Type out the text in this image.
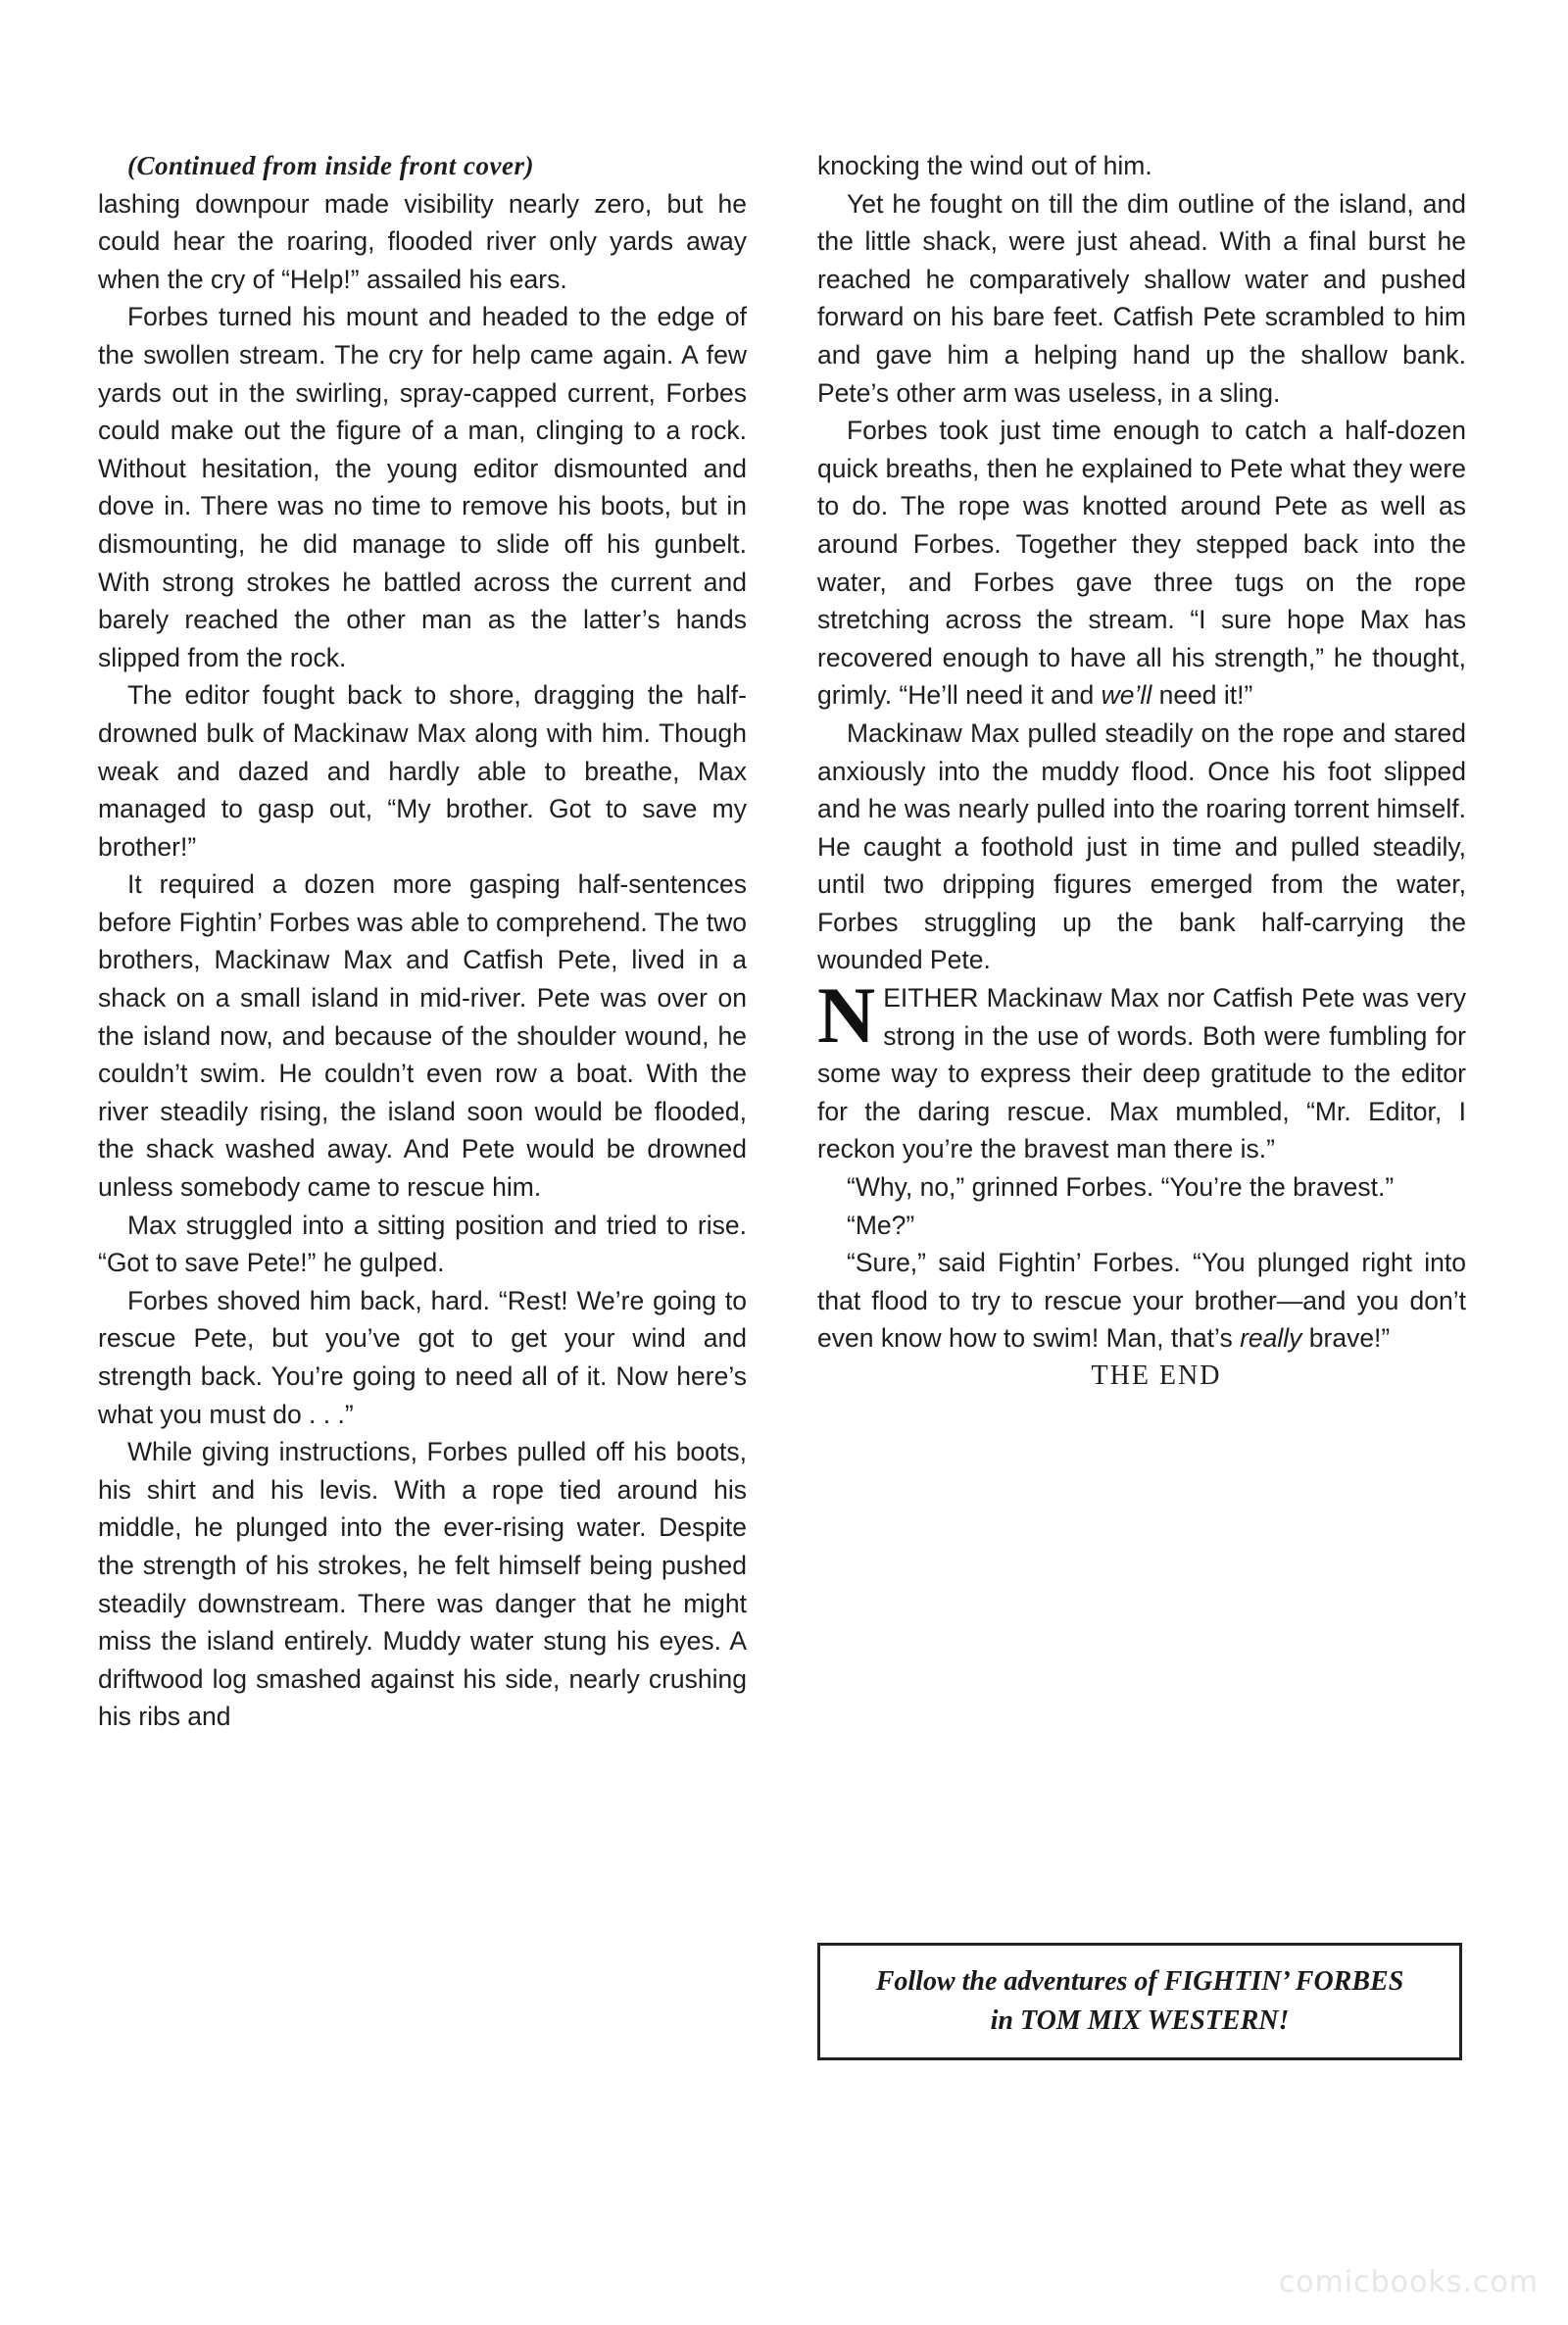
(Continued from inside front cover)

lashing downpour made visibility nearly zero, but he could hear the roaring, flooded river only yards away when the cry of “Help!” assailed his ears.

Forbes turned his mount and headed to the edge of the swollen stream. The cry for help came again. A few yards out in the swirling, spray-capped current, Forbes could make out the figure of a man, clinging to a rock. Without hesitation, the young editor dismounted and dove in. There was no time to remove his boots, but in dismounting, he did manage to slide off his gunbelt. With strong strokes he battled across the current and barely reached the other man as the latter’s hands slipped from the rock.

The editor fought back to shore, dragging the half-drowned bulk of Mackinaw Max along with him. Though weak and dazed and hardly able to breathe, Max managed to gasp out, “My brother. Got to save my brother!”

It required a dozen more gasping half-sentences before Fightin’ Forbes was able to comprehend. The two brothers, Mackinaw Max and Catfish Pete, lived in a shack on a small island in mid-river. Pete was over on the island now, and because of the shoulder wound, he couldn’t swim. He couldn’t even row a boat. With the river steadily rising, the island soon would be flooded, the shack washed away. And Pete would be drowned unless somebody came to rescue him.

Max struggled into a sitting position and tried to rise. “Got to save Pete!” he gulped.

Forbes shoved him back, hard. “Rest! We’re going to rescue Pete, but you’ve got to get your wind and strength back. You’re going to need all of it. Now here’s what you must do . . .”

While giving instructions, Forbes pulled off his boots, his shirt and his levis. With a rope tied around his middle, he plunged into the ever-rising water. Despite the strength of his strokes, he felt himself being pushed steadily downstream. There was danger that he might miss the island entirely. Muddy water stung his eyes. A driftwood log smashed against his side, nearly crushing his ribs and

knocking the wind out of him.

Yet he fought on till the dim outline of the island, and the little shack, were just ahead. With a final burst he reached he comparatively shallow water and pushed forward on his bare feet. Catfish Pete scrambled to him and gave him a helping hand up the shallow bank. Pete’s other arm was useless, in a sling.

Forbes took just time enough to catch a half-dozen quick breaths, then he explained to Pete what they were to do. The rope was knotted around Pete as well as around Forbes. Together they stepped back into the water, and Forbes gave three tugs on the rope stretching across the stream. “I sure hope Max has recovered enough to have all his strength,” he thought, grimly. “He’ll need it and we’ll need it!”

Mackinaw Max pulled steadily on the rope and stared anxiously into the muddy flood. Once his foot slipped and he was nearly pulled into the roaring torrent himself. He caught a foothold just in time and pulled steadily, until two dripping figures emerged from the water, Forbes struggling up the bank half-carrying the wounded Pete.

NEITHER Mackinaw Max nor Catfish Pete was very strong in the use of words. Both were fumbling for some way to express their deep gratitude to the editor for the daring rescue. Max mumbled, “Mr. Editor, I reckon you’re the bravest man there is.”

“Why, no,” grinned Forbes. “You’re the bravest.”

“Me?”

“Sure,” said Fightin’ Forbes. “You plunged right into that flood to try to rescue your brother—and you don’t even know how to swim! Man, that’s really brave!”

THE END

Follow the adventures of FIGHTIN’ FORBES
in TOM MIX WESTERN!
comicbooks.com
